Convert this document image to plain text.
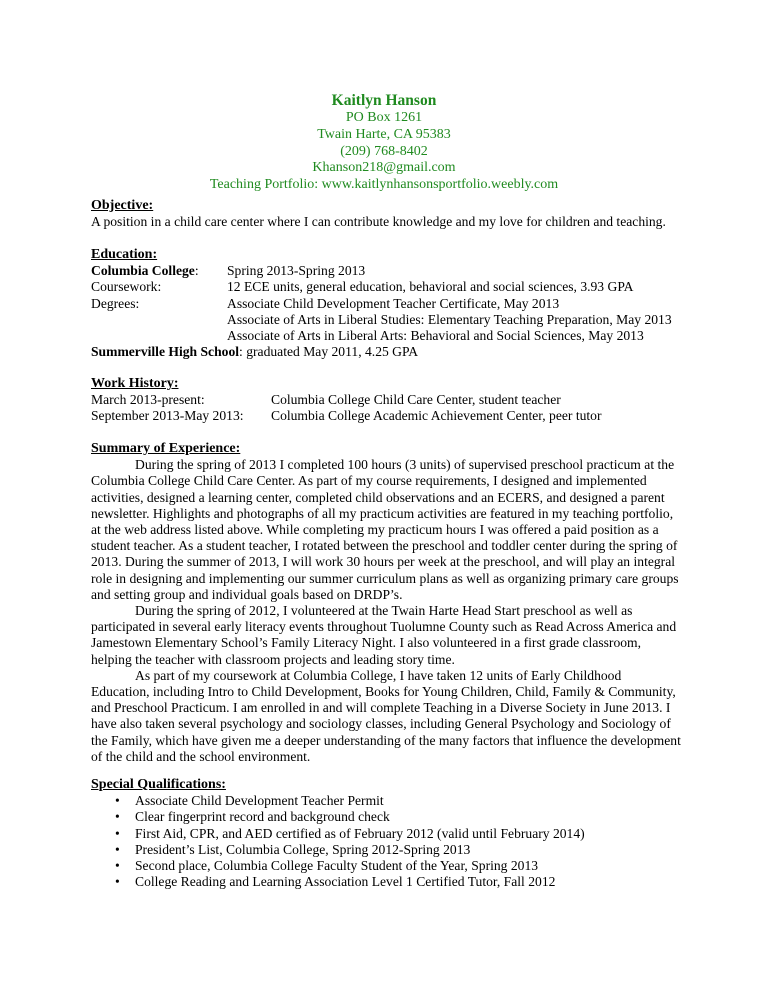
Kaitlyn Hanson
PO Box 1261
Twain Harte, CA 95383
(209) 768-8402
Khanson218@gmail.com
Teaching Portfolio: www.kaitlynhansonsportfolio.weebly.com
Objective:
A position in a child care center where I can contribute knowledge and my love for children and teaching.
Education:
Columbia College:	Spring 2013-Spring 2013
Coursework:	12 ECE units, general education, behavioral and social sciences, 3.93 GPA
Degrees:	Associate Child Development Teacher Certificate, May 2013
Associate of Arts in Liberal Studies: Elementary Teaching Preparation, May 2013
Associate of Arts in Liberal Arts: Behavioral and Social Sciences, May 2013
Summerville High School: graduated May 2011, 4.25 GPA
Work History:
March 2013-present:	Columbia College Child Care Center, student teacher
September 2013-May 2013:	Columbia College Academic Achievement Center, peer tutor
Summary of Experience:

During the spring of 2013 I completed 100 hours (3 units) of supervised preschool practicum at the Columbia College Child Care Center. As part of my course requirements, I designed and implemented activities, designed a learning center, completed child observations and an ECERS, and designed a parent newsletter. Highlights and photographs of all my practicum activities are featured in my teaching portfolio, at the web address listed above. While completing my practicum hours I was offered a paid position as a student teacher. As a student teacher, I rotated between the preschool and toddler center during the spring of 2013. During the summer of 2013, I will work 30 hours per week at the preschool, and will play an integral role in designing and implementing our summer curriculum plans as well as organizing primary care groups and setting group and individual goals based on DRDP’s.

During the spring of 2012, I volunteered at the Twain Harte Head Start preschool as well as participated in several early literacy events throughout Tuolumne County such as Read Across America and Jamestown Elementary School’s Family Literacy Night. I also volunteered in a first grade classroom, helping the teacher with classroom projects and leading story time.

As part of my coursework at Columbia College, I have taken 12 units of Early Childhood Education, including Intro to Child Development, Books for Young Children, Child, Family & Community, and Preschool Practicum. I am enrolled in and will complete Teaching in a Diverse Society in June 2013. I have also taken several psychology and sociology classes, including General Psychology and Sociology of the Family, which have given me a deeper understanding of the many factors that influence the development of the child and the school environment.

Special Qualifications:
• Associate Child Development Teacher Permit
• Clear fingerprint record and background check
• First Aid, CPR, and AED certified as of February 2012 (valid until February 2014)
• President’s List, Columbia College, Spring 2012-Spring 2013
• Second place, Columbia College Faculty Student of the Year, Spring 2013
• College Reading and Learning Association Level 1 Certified Tutor, Fall 2012
